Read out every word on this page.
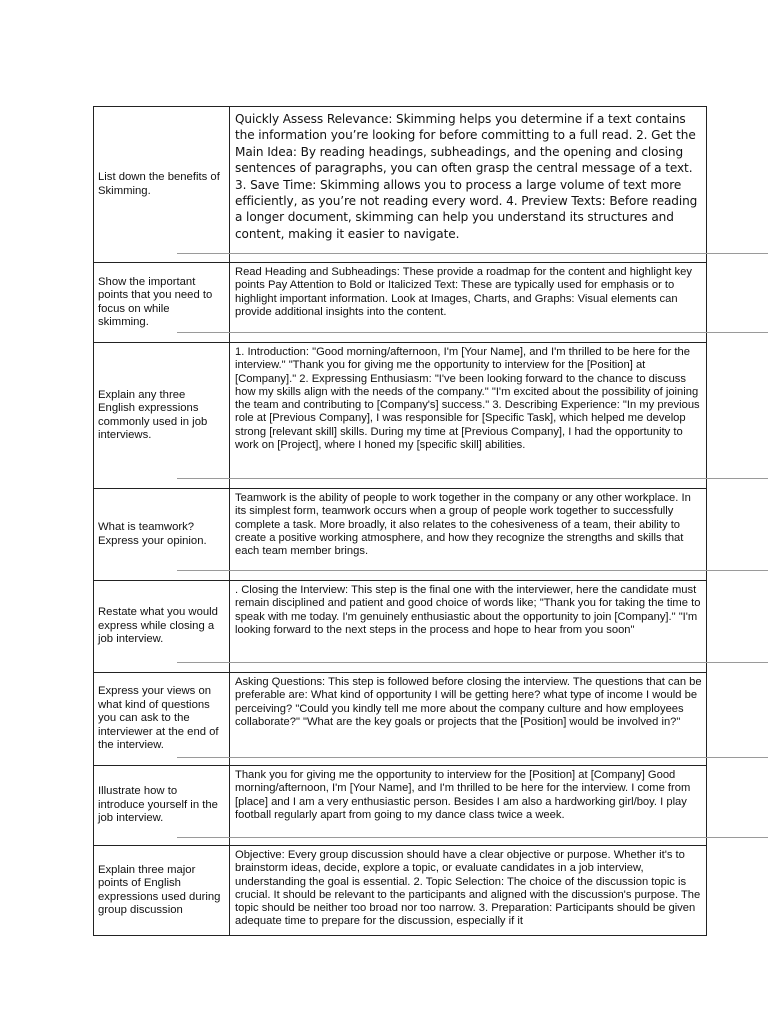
List down the benefits of Skimming.	Quickly Assess Relevance: Skimming helps you determine if a text contains the information you’re looking for before committing to a full read. 2. Get the Main Idea: By reading headings, subheadings, and the opening and closing sentences of paragraphs, you can often grasp the central message of a text. 3. Save Time: Skimming allows you to process a large volume of text more efficiently, as you’re not reading every word. 4. Preview Texts: Before reading a longer document, skimming can help you understand its structures and content, making it easier to navigate.

Show the important points that you need to focus on while skimming.	Read Heading and Subheadings: These provide a roadmap for the content and highlight key points Pay Attention to Bold or Italicized Text: These are typically used for emphasis or to highlight important information. Look at Images, Charts, and Graphs: Visual elements can provide additional insights into the content.

Explain any three English expressions commonly used in job interviews.	1. Introduction: "Good morning/afternoon, I'm [Your Name], and I'm thrilled to be here for the interview." "Thank you for giving me the opportunity to interview for the [Position] at [Company]." 2. Expressing Enthusiasm: "I've been looking forward to the chance to discuss how my skills align with the needs of the company." "I'm excited about the possibility of joining the team and contributing to [Company's] success." 3. Describing Experience: "In my previous role at [Previous Company], I was responsible for [Specific Task], which helped me develop strong [relevant skill] skills. During my time at [Previous Company], I had the opportunity to work on [Project], where I honed my [specific skill] abilities.

What is teamwork? Express your opinion.	Teamwork is the ability of people to work together in the company or any other workplace. In its simplest form, teamwork occurs when a group of people work together to successfully complete a task. More broadly, it also relates to the cohesiveness of a team, their ability to create a positive working atmosphere, and how they recognize the strengths and skills that each team member brings.

Restate what you would express while closing a job interview.	. Closing the Interview: This step is the final one with the interviewer, here the candidate must remain disciplined and patient and good choice of words like; "Thank you for taking the time to speak with me today. I'm genuinely enthusiastic about the opportunity to join [Company]." "I'm looking forward to the next steps in the process and hope to hear from you soon"

Express your views on what kind of questions you can ask to the interviewer at the end of the interview.	Asking Questions: This step is followed before closing the interview. The questions that can be preferable are: What kind of opportunity I will be getting here? what type of income I would be perceiving? "Could you kindly tell me more about the company culture and how employees collaborate?" "What are the key goals or projects that the [Position] would be involved in?"

Illustrate how to introduce yourself in the job interview.	Thank you for giving me the opportunity to interview for the [Position] at [Company] Good morning/afternoon, I'm [Your Name], and I'm thrilled to be here for the interview. I come from [place] and I am a very enthusiastic person. Besides I am also a hardworking girl/boy. I play football regularly apart from going to my dance class twice a week.

Explain three major points of English expressions used during group discussion	Objective: Every group discussion should have a clear objective or purpose. Whether it's to brainstorm ideas, decide, explore a topic, or evaluate candidates in a job interview, understanding the goal is essential. 2. Topic Selection: The choice of the discussion topic is crucial. It should be relevant to the participants and aligned with the discussion's purpose. The topic should be neither too broad nor too narrow. 3. Preparation: Participants should be given adequate time to prepare for the discussion, especially if it
